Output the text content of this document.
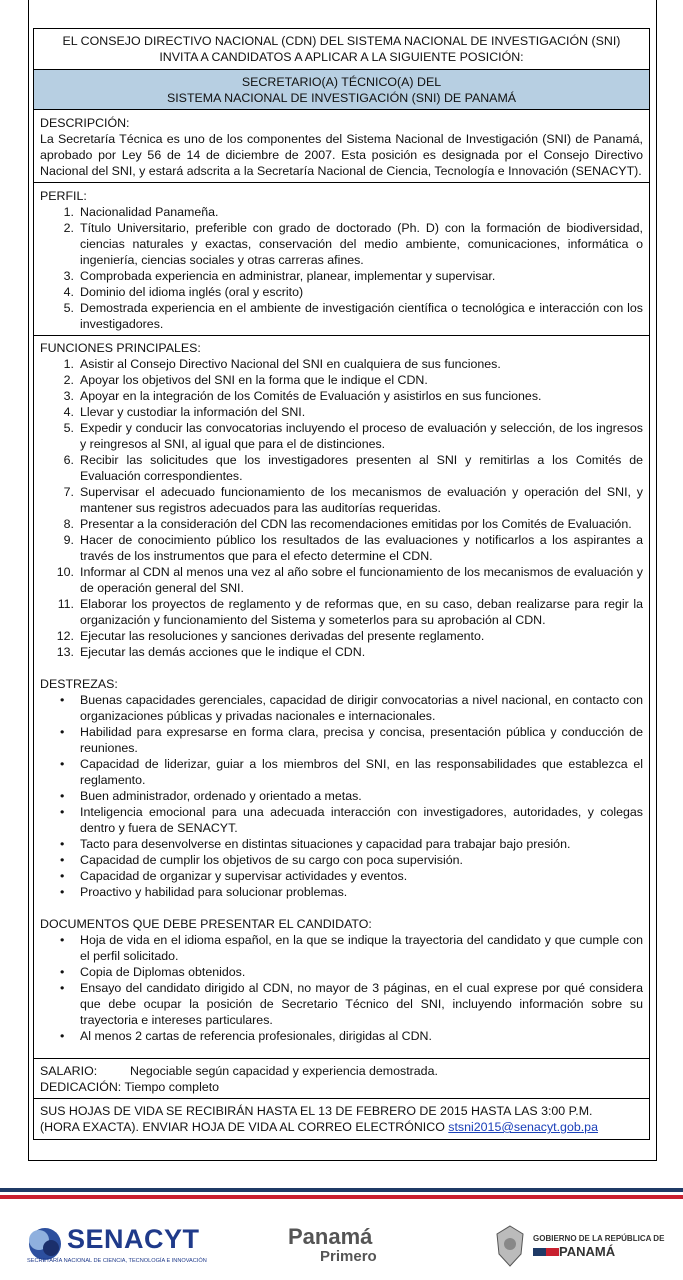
EL CONSEJO DIRECTIVO NACIONAL (CDN) DEL SISTEMA NACIONAL DE INVESTIGACIÓN (SNI)
INVITA A CANDIDATOS A APLICAR A LA SIGUIENTE POSICIÓN:
SECRETARIO(A) TÉCNICO(A) DEL
SISTEMA NACIONAL DE INVESTIGACIÓN (SNI) DE PANAMÁ
DESCRIPCIÓN:
La Secretaría Técnica es uno de los componentes del Sistema Nacional de Investigación (SNI) de Panamá, aprobado por Ley 56 de 14 de diciembre de 2007. Esta posición es designada por el Consejo Directivo Nacional del SNI, y estará adscrita a la Secretaría Nacional de Ciencia, Tecnología e Innovación (SENACYT).
PERFIL:
1. Nacionalidad Panameña.
2. Título Universitario, preferible con grado de doctorado (Ph. D) con la formación de biodiversidad, ciencias naturales y exactas, conservación del medio ambiente, comunicaciones, informática o ingeniería, ciencias sociales y otras carreras afines.
3. Comprobada experiencia en administrar, planear, implementar y supervisar.
4. Dominio del idioma inglés (oral y escrito)
5. Demostrada experiencia en el ambiente de investigación científica o tecnológica e interacción con los investigadores.
FUNCIONES PRINCIPALES:
1. Asistir al Consejo Directivo Nacional del SNI en cualquiera de sus funciones.
2. Apoyar los objetivos del SNI en la forma que le indique el CDN.
3. Apoyar en la integración de los Comités de Evaluación y asistirlos en sus funciones.
4. Llevar y custodiar la información del SNI.
5. Expedir y conducir las convocatorias incluyendo el proceso de evaluación y selección, de los ingresos y reingresos al SNI, al igual que para el de distinciones.
6. Recibir las solicitudes que los investigadores presenten al SNI y remitirlas a los Comités de Evaluación correspondientes.
7. Supervisar el adecuado funcionamiento de los mecanismos de evaluación y operación del SNI, y mantener sus registros adecuados para las auditorías requeridas.
8. Presentar a la consideración del CDN las recomendaciones emitidas por los Comités de Evaluación.
9. Hacer de conocimiento público los resultados de las evaluaciones y notificarlos a los aspirantes a través de los instrumentos que para el efecto determine el CDN.
10. Informar al CDN al menos una vez al año sobre el funcionamiento de los mecanismos de evaluación y de operación general del SNI.
11. Elaborar los proyectos de reglamento y de reformas que, en su caso, deban realizarse para regir la organización y funcionamiento del Sistema y someterlos para su aprobación al CDN.
12. Ejecutar las resoluciones y sanciones derivadas del presente reglamento.
13. Ejecutar las demás acciones que le indique el CDN.
DESTREZAS:
•	Buenas capacidades gerenciales, capacidad de dirigir convocatorias a nivel nacional, en contacto con organizaciones públicas y privadas nacionales e internacionales.
•	Habilidad para expresarse en forma clara, precisa y concisa, presentación pública y conducción de reuniones.
•	Capacidad de liderizar, guiar a los miembros del SNI, en las responsabilidades que establezca el reglamento.
•	Buen administrador, ordenado y orientado a metas.
•	Inteligencia emocional para una adecuada interacción con investigadores, autoridades, y colegas dentro y fuera de SENACYT.
•	Tacto para desenvolverse en distintas situaciones y capacidad para trabajar bajo presión.
•	Capacidad de cumplir los objetivos de su cargo con poca supervisión.
•	Capacidad de organizar y supervisar actividades y eventos.
•	Proactivo y habilidad para solucionar problemas.
DOCUMENTOS QUE DEBE PRESENTAR EL CANDIDATO:
•	Hoja de vida en el idioma español, en la que se indique la trayectoria del candidato y que cumple con el perfil solicitado.
•	Copia de Diplomas obtenidos.
•	Ensayo del candidato dirigido al CDN, no mayor de 3 páginas, en el cual exprese por qué considera que debe ocupar la posición de Secretario Técnico del SNI, incluyendo información sobre su trayectoria e intereses particulares.
•	Al menos 2 cartas de referencia profesionales, dirigidas al CDN.
SALARIO:	Negociable según capacidad y experiencia demostrada.
DEDICACIÓN: Tiempo completo
SUS HOJAS DE VIDA SE RECIBIRÁN HASTA EL 13 DE FEBRERO DE 2015 HASTA LAS 3:00 P.M.
(HORA EXACTA). ENVIAR HOJA DE VIDA AL CORREO ELECTRÓNICO stsni2015@senacyt.gob.pa
SENACYT
SECRETARÍA NACIONAL DE CIENCIA, TECNOLOGÍA E INNOVACIÓN
Panamá
Primero
GOBIERNO DE LA REPÚBLICA DE
PANAMÁ
